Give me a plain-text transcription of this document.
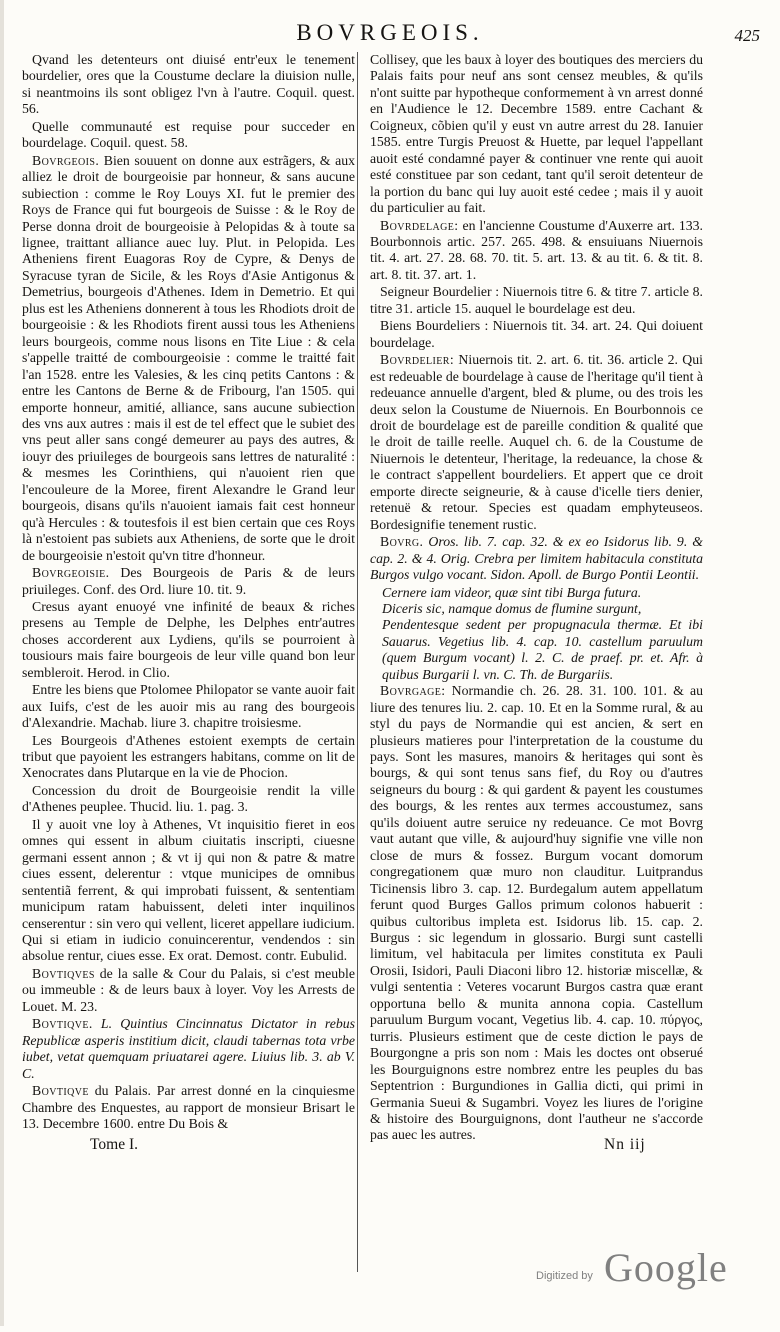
BOVRGEOIS.	425

Qvand les detenteurs ont diuisé entr'eux le tenement bourdelier, ores que la Coustume declare la diuision nulle, si neantmoins ils sont obligez l'vn à l'autre. Coquil. quest. 56.

Quelle communauté est requise pour succeder en bourdelage. Coquil. quest. 58.

Bovrgeois. Bien souuent on donne aux estrãgers, & aux alliez le droit de bourgeoisie par honneur, & sans aucune subiection : comme le Roy Louys XI. fut le premier des Roys de France qui fut bourgeois de Suisse : & le Roy de Perse donna droit de bourgeoisie à Pelopidas & à toute sa lignee, traittant alliance auec luy. Plut. in Pelopida. Les Atheniens firent Euagoras Roy de Cypre, & Denys de Syracuse tyran de Sicile, & les Roys d'Asie Antigonus & Demetrius, bourgeois d'Athenes. Idem in Demetrio. Et qui plus est les Atheniens donnerent à tous les Rhodiots droit de bourgeoisie : & les Rhodiots firent aussi tous les Atheniens leurs bourgeois, comme nous lisons en Tite Liue : & cela s'appelle traitté de combourgeoisie : comme le traitté fait l'an 1528. entre les Valesies, & les cinq petits Cantons : & entre les Cantons de Berne & de Fribourg, l'an 1505. qui emporte honneur, amitié, alliance, sans aucune subiection des vns aux autres : mais il est de tel effect que le subiet des vns peut aller sans congé demeurer au pays des autres, & iouyr des priuileges de bourgeois sans lettres de naturalité : & mesmes les Corinthiens, qui n'auoient rien que l'encouleure de la Moree, firent Alexandre le Grand leur bourgeois, disans qu'ils n'auoient iamais fait cest honneur qu'à Hercules : & toutesfois il est bien certain que ces Roys là n'estoient pas subiets aux Atheniens, de sorte que le droit de bourgeoisie n'estoit qu'vn titre d'honneur.

Bovrgeoisie. Des Bourgeois de Paris & de leurs priuileges. Conf. des Ord. liure 10. tit. 9.

Cresus ayant enuoyé vne infinité de beaux & riches presens au Temple de Delphe, les Delphes entr'autres choses accorderent aux Lydiens, qu'ils se pourroient à tousiours mais faire bourgeois de leur ville quand bon leur sembleroit. Herod. in Clio.

Entre les biens que Ptolomee Philopator se vante auoir fait aux Iuifs, c'est de les auoir mis au rang des bourgeois d'Alexandrie. Machab. liure 3. chapitre troisiesme.

Les Bourgeois d'Athenes estoient exempts de certain tribut que payoient les estrangers habitans, comme on lit de Xenocrates dans Plutarque en la vie de Phocion.

Concession du droit de Bourgeoisie rendit la ville d'Athenes peuplee. Thucid. liu. 1. pag. 3.

Il y auoit vne loy à Athenes, Vt inquisitio fieret in eos omnes qui essent in album ciuitatis inscripti, ciuesne germani essent annon ; & vt ij qui non & patre & matre ciues essent, delerentur : vtque municipes de omnibus sententiã ferrent, & qui improbati fuissent, & sententiam municipum ratam habuissent, deleti inter inquilinos censerentur : sin vero qui vellent, liceret appellare iudicium. Qui si etiam in iudicio conuincerentur, vendendos : sin absolue rentur, ciues esse. Ex orat. Demost. contr. Eubulid.

Bovtiqves de la salle & Cour du Palais, si c'est meuble ou immeuble : & de leurs baux à loyer. Voy les Arrests de Louet. M. 23.

Bovtiqve. L. Quintius Cincinnatus Dictator in rebus Republicæ asperis institium dicit, claudi tabernas tota vrbe iubet, vetat quemquam priuatarei agere. Liuius lib. 3. ab V. C.

Bovtiqve du Palais. Par arrest donné en la cinquiesme Chambre des Enquestes, au rapport de monsieur Brisart le 13. Decembre 1600. entre Du Bois &

Collisey, que les baux à loyer des boutiques des merciers du Palais faits pour neuf ans sont censez meubles, & qu'ils n'ont suitte par hypotheque conformement à vn arrest donné en l'Audience le 12. Decembre 1589. entre Cachant & Coigneux, cõbien qu'il y eust vn autre arrest du 28. Ianuier 1585. entre Turgis Preuost & Huette, par lequel l'appellant auoit esté condamné payer & continuer vne rente qui auoit esté constituee par son cedant, tant qu'il seroit detenteur de la portion du banc qui luy auoit esté cedee ; mais il y auoit du particulier au fait.

Bovrdelage: en l'ancienne Coustume d'Auxerre art. 133. Bourbonnois artic. 257. 265. 498. & ensuiuans Niuernois tit. 4. art. 27. 28. 68. 70. tit. 5. art. 13. & au tit. 6. & tit. 8. art. 8. tit. 37. art. 1.

Seigneur Bourdelier : Niuernois titre 6. & titre 7. article 8. titre 31. article 15. auquel le bourdelage est deu.

Biens Bourdeliers : Niuernois tit. 34. art. 24. Qui doiuent bourdelage.

Bovrdelier: Niuernois tit. 2. art. 6. tit. 36. article 2. Qui est redeuable de bourdelage à cause de l'heritage qu'il tient à redeuance annuelle d'argent, bled & plume, ou des trois les deux selon la Coustume de Niuernois. En Bourbonnois ce droit de bourdelage est de pareille condition & qualité que le droit de taille reelle. Auquel ch. 6. de la Coustume de Niuernois le detenteur, l'heritage, la redeuance, la chose & le contract s'appellent bourdeliers. Et appert que ce droit emporte directe seigneurie, & à cause d'icelle tiers denier, retenuë & retour. Species est quadam emphyteuseos. Bordesignifie tenement rustic.

Bovrg. Oros. lib. 7. cap. 32. & ex eo Isidorus lib. 9. & cap. 2. & 4. Orig. Crebra per limitem habitacula constituta Burgos vulgo vocant. Sidon. Apoll. de Burgo Pontii Leontii.

Cernere iam videor, quæ sint tibi Burga futura.

Diceris sic, namque domus de flumine surgunt,

Pendentesque sedent per propugnacula thermæ. Et ibi Sauarus. Vegetius lib. 4. cap. 10. castellum paruulum (quem Burgum vocant) l. 2. C. de praef. pr. et. Afr. à quibus Burgarii l. vn. C. Th. de Burgariis.

Bovrgage: Normandie ch. 26. 28. 31. 100. 101. & au liure des tenures liu. 2. cap. 10. Et en la Somme rural, & au styl du pays de Normandie qui est ancien, & sert en plusieurs matieres pour l'interpretation de la coustume du pays. Sont les masures, manoirs & heritages qui sont ès bourgs, & qui sont tenus sans fief, du Roy ou d'autres seigneurs du bourg : & qui gardent & payent les coustumes des bourgs, & les rentes aux termes accoustumez, sans qu'ils doiuent autre seruice ny redeuance. Ce mot Bovrg vaut autant que ville, & aujourd'huy signifie vne ville non close de murs & fossez. Burgum vocant domorum congregationem quæ muro non clauditur. Luitprandus Ticinensis libro 3. cap. 12. Burdegalum autem appellatum ferunt quod Burges Gallos primum colonos habuerit : quibus cultoribus impleta est. Isidorus lib. 15. cap. 2. Burgus : sic legendum in glossario. Burgi sunt castelli limitum, vel habitacula per limites constituta ex Pauli Orosii, Isidori, Pauli Diaconi libro 12. historiæ miscellæ, & vulgi sententia : Veteres vocarunt Burgos castra quæ erant opportuna bello & munita annona copia. Castellum paruulum Burgum vocant, Vegetius lib. 4. cap. 10. πύργος, turris. Plusieurs estiment que de ceste diction le pays de Bourgongne a pris son nom : Mais les doctes ont obserué les Bourguignons estre nombrez entre les peuples du bas Septentrion : Burgundiones in Gallia dicti, qui primi in Germania Sueui & Sugambri. Voyez les liures de l'origine & histoire des Bourguignons, dont l'autheur ne s'accorde pas auec les autres.

Tome I.	Nn iij
Digitized by Google
